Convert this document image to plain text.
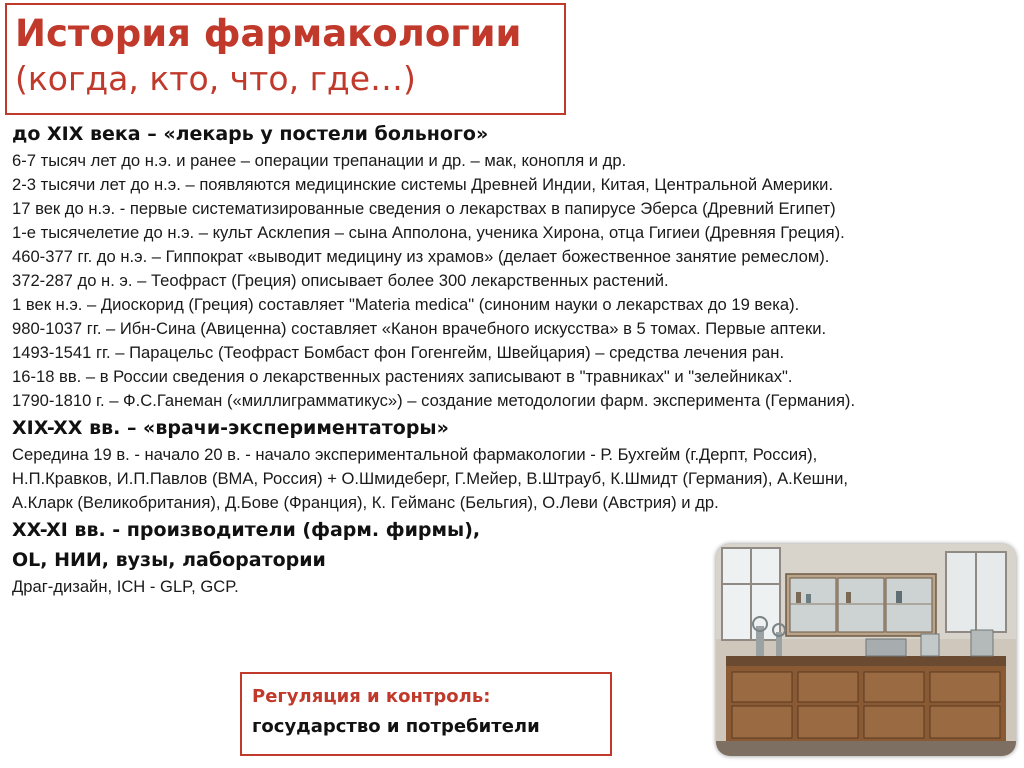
История фармакологии
(когда, кто, что, где…)
до XIX века – «лекарь у постели больного»
6-7 тысяч лет до н.э. и ранее – операции трепанации и др. – мак, конопля и др.
2-3 тысячи лет до н.э. – появляются медицинские системы Древней Индии, Китая, Центральной Америки.
17 век до н.э. - первые систематизированные сведения о лекарствах в папирусе Эберса (Древний Египет)
1-е тысячелетие до н.э. – культ Асклепия – сына Апполона, ученика Хирона, отца Гигиеи (Древняя Греция).
460-377 гг. до н.э. – Гиппократ «выводит медицину из храмов» (делает божественное занятие ремеслом).
372-287 до н. э. – Теофраст (Греция) описывает более 300 лекарственных растений.
1 век н.э. – Диоскорид (Греция) составляет "Materia medica" (синоним науки о лекарствах до 19 века).
980-1037 гг. – Ибн-Сина (Авиценна) составляет «Канон врачебного искусства» в 5 томах. Первые аптеки.
1493-1541 гг. – Парацельс (Теофраст Бомбаст фон Гогенгейм, Швейцария) – средства лечения ран.
16-18 вв. – в России сведения о лекарственных растениях записывают в "травниках" и "зелейниках".
1790-1810 г. – Ф.С.Ганеман («миллиграмматикус») – создание методологии фарм. эксперимента (Германия).
XIX-XX вв. – «врачи-экспериментаторы»
Середина 19 в. - начало 20 в. - начало экспериментальной фармакологии - Р. Бухгейм (г.Дерпт, Россия),
Н.П.Кравков, И.П.Павлов (ВМА, Россия) + О.Шмидеберг, Г.Мейер, В.Штрауб, К.Шмидт (Германия), А.Кешни,
А.Кларк (Великобритания), Д.Бове (Франция), К. Гейманс (Бельгия), О.Леви (Австрия) и др.
XX-XI вв. - производители (фарм. фирмы),
OL, НИИ, вузы, лаборатории
Драг-дизайн, ICH - GLP, GCP.
Регуляция и контроль:
государство и потребители
